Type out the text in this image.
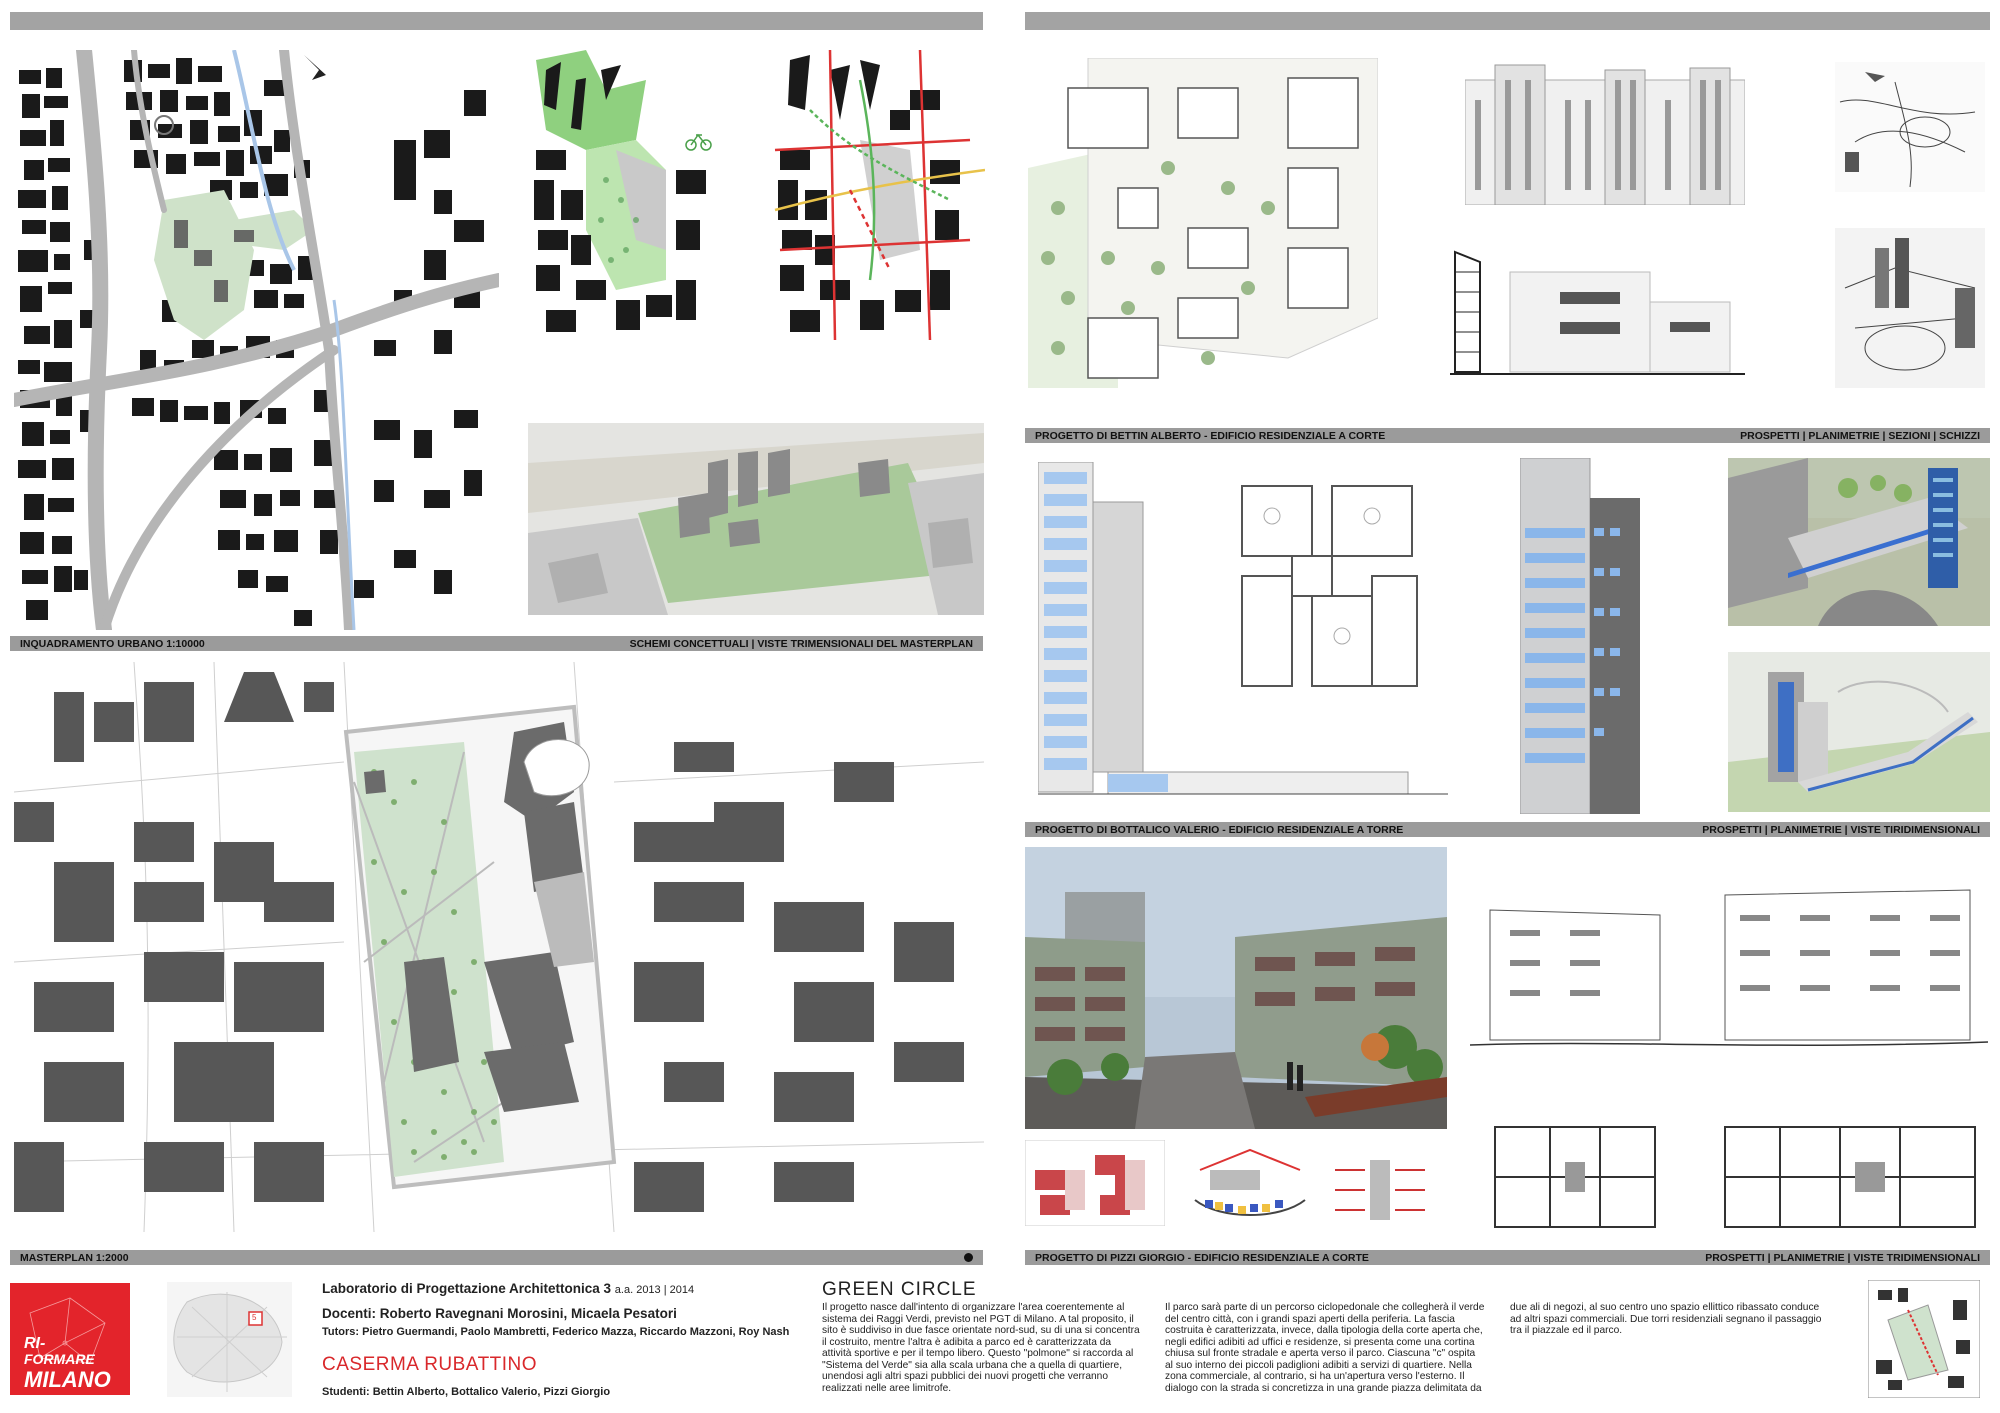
INQUADRAMENTO URBANO 1:10000	SCHEMI CONCETTUALI | VISTE TRIMENSIONALI DEL MASTERPLAN
MASTERPLAN 1:2000
PROGETTO DI BETTIN ALBERTO - EDIFICIO RESIDENZIALE A CORTE	PROSPETTI | PLANIMETRIE | SEZIONI | SCHIZZI
PROGETTO DI BOTTALICO VALERIO - EDIFICIO RESIDENZIALE A TORRE	PROSPETTI | PLANIMETRIE | VISTE TIRIDIMENSIONALI
PROGETTO DI PIZZI GIORGIO - EDIFICIO RESIDENZIALE A CORTE	PROSPETTI | PLANIMETRIE | VISTE TRIDIMENSIONALI
RI-
FORMARE
MILANO
5
Laboratorio di Progettazione Architettonica 3 a.a. 2013 | 2014
Docenti: Roberto Ravegnani Morosini, Micaela Pesatori
Tutors: Pietro Guermandi, Paolo Mambretti, Federico Mazza, Riccardo Mazzoni, Roy Nash
CASERMA RUBATTINO
Studenti: Bettin Alberto, Bottalico Valerio, Pizzi Giorgio
GREEN CIRCLE

Il progetto nasce dall'intento di organizzare l'area coerentemente al sistema dei Raggi Verdi, previsto nel PGT di Milano. A tal proposito, il sito è suddiviso in due fasce orientate nord-sud, su di una si concentra il costruito, mentre l'altra è adibita a parco ed è caratterizzata da attività sportive e per il tempo libero. Questo "polmone" si raccorda al "Sistema del Verde" sia alla scala urbana che a quella di quartiere, unendosi agli altri spazi pubblici dei nuovi progetti che verranno realizzati nelle aree limitrofe.

Il parco sarà parte di un percorso ciclopedonale che collegherà il verde del centro città, con i grandi spazi aperti della periferia. La fascia costruita è caratterizzata, invece, dalla tipologia della corte aperta che, negli edifici adibiti ad uffici e residenze, si presenta come una cortina chiusa sul fronte stradale e aperta verso il parco. Ciascuna "c" ospita al suo interno dei piccoli padiglioni adibiti a servizi di quartiere. Nella zona commerciale, al contrario, si ha un'apertura verso l'esterno. Il dialogo con la strada si concretizza in una grande piazza delimitata da

due ali di negozi, al suo centro uno spazio ellittico ribassato conduce ad altri spazi commerciali. Due torri residenziali segnano il passaggio tra il piazzale ed il parco.
